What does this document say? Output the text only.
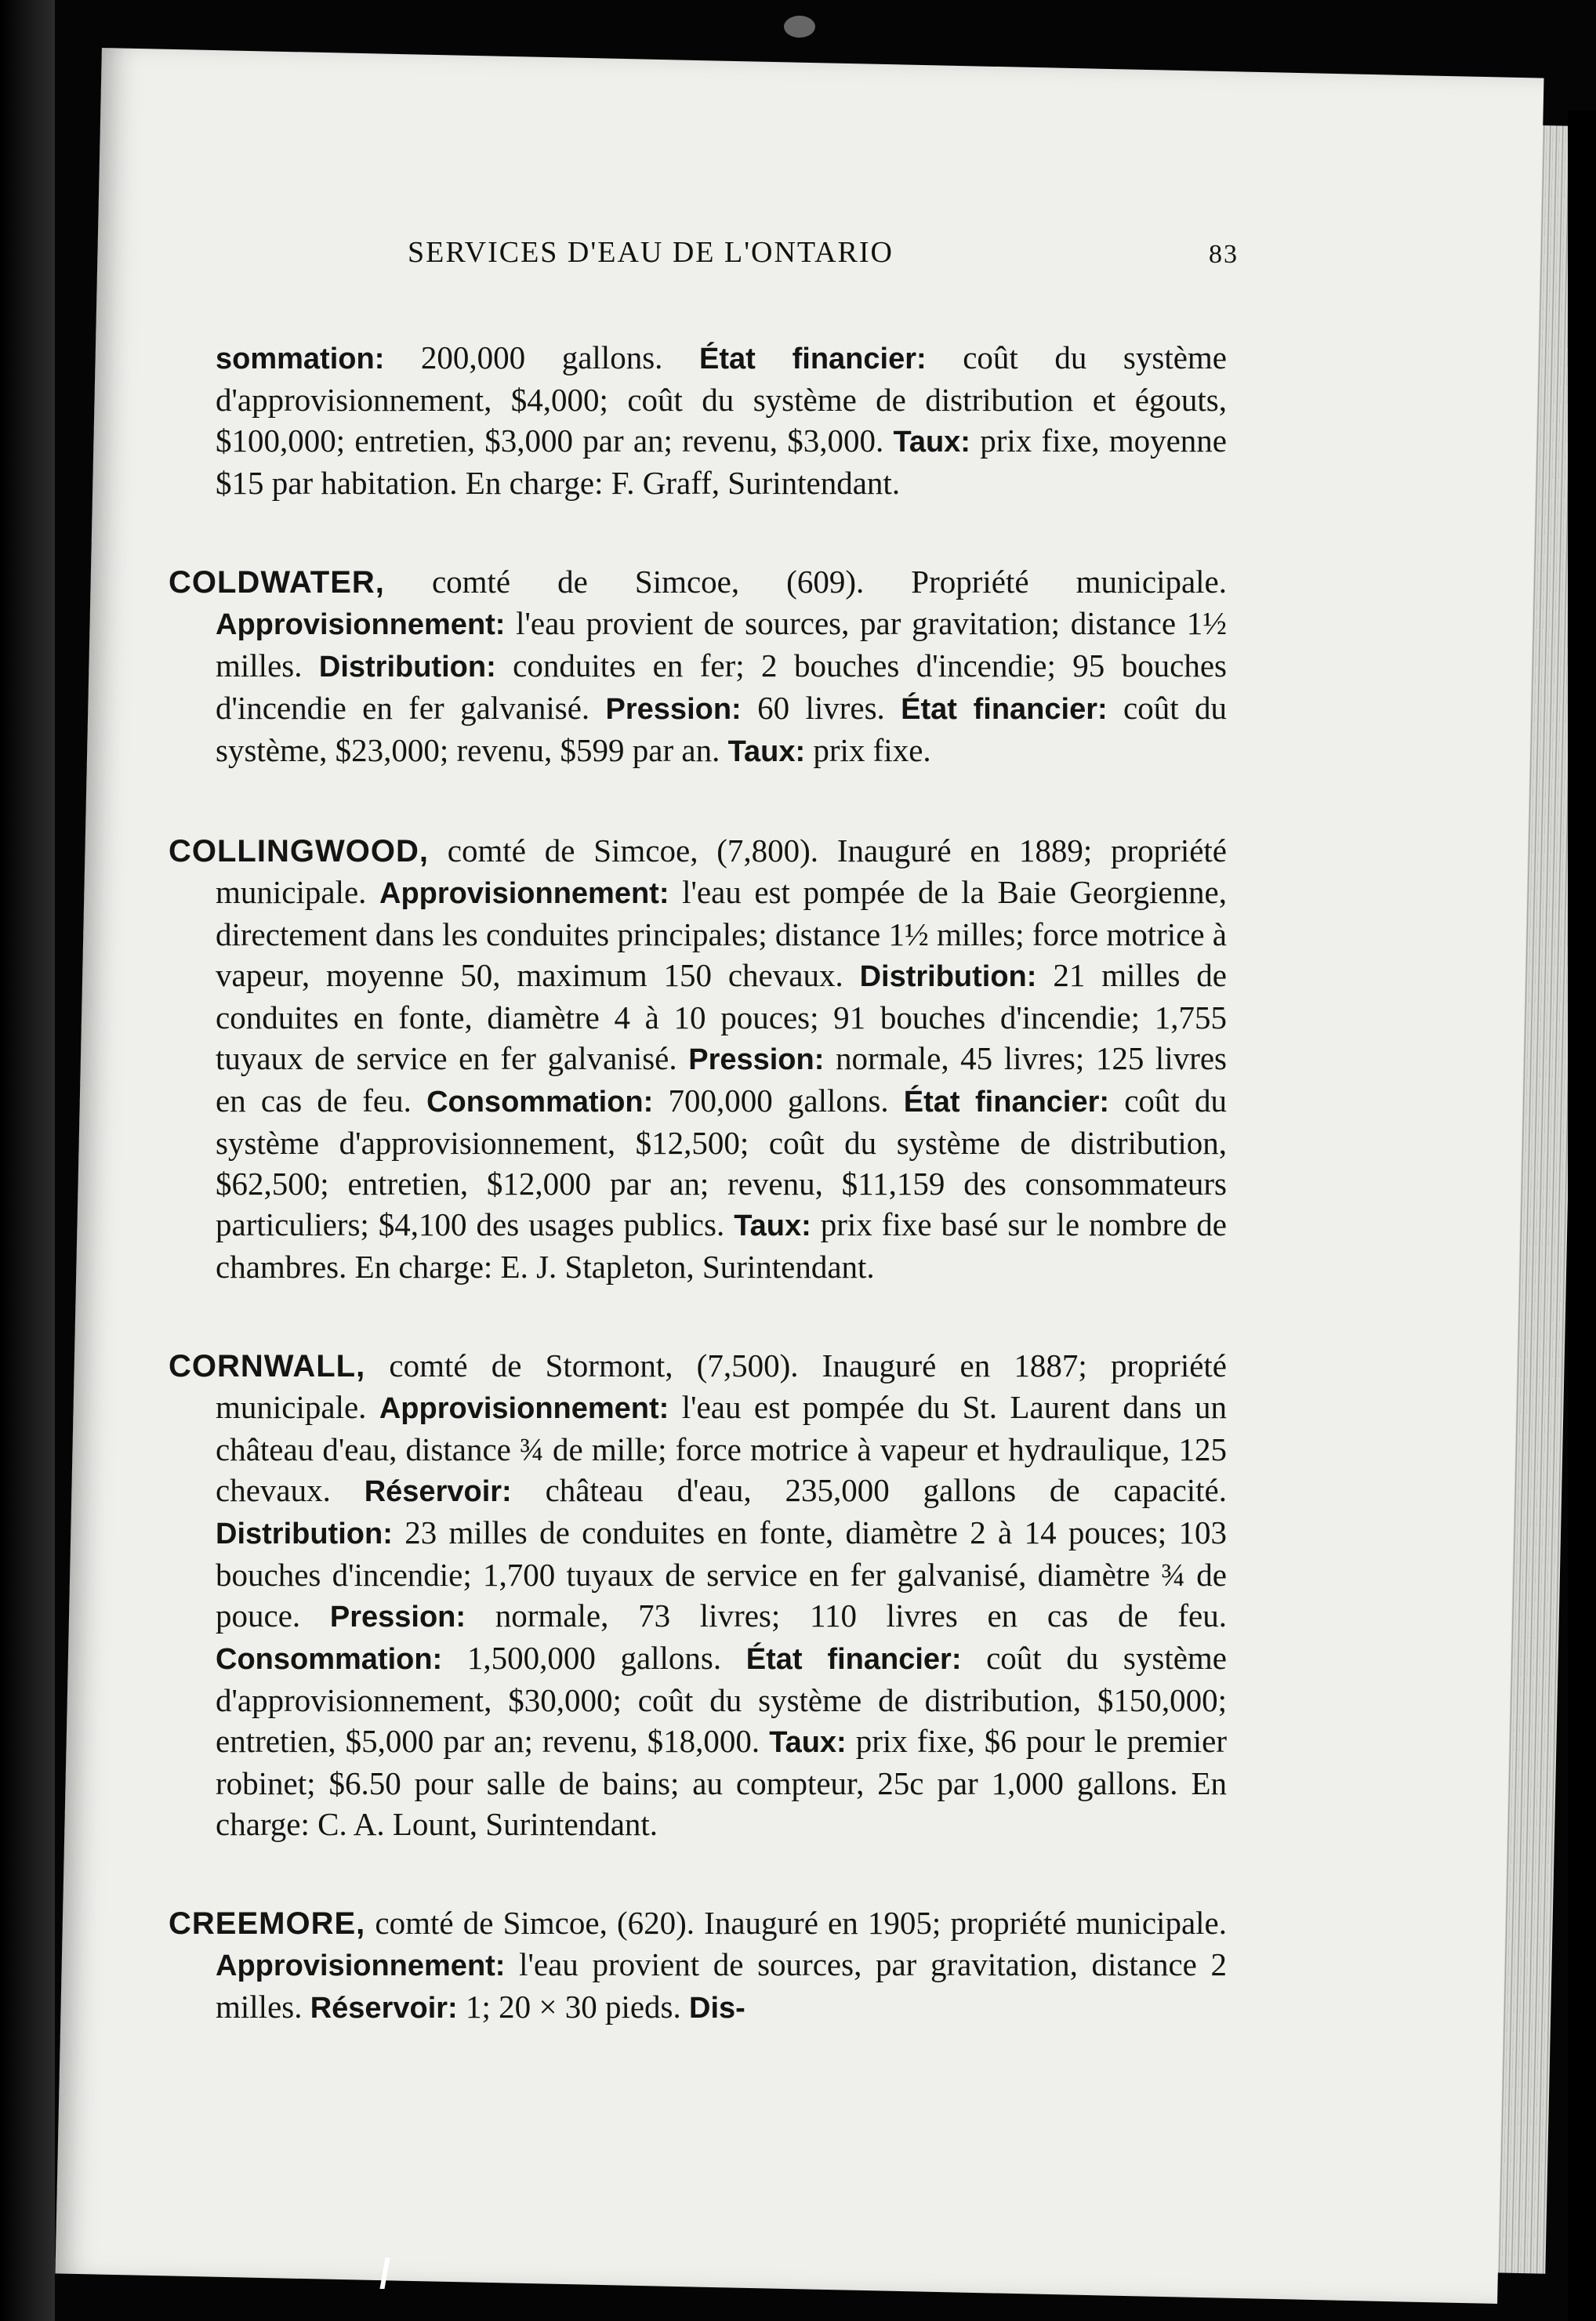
SERVICES D'EAU DE L'ONTARIO	83

sommation: 200,000 gallons. État financier: coût du système d'approvisionnement, $4,000; coût du système de distribution et égouts, $100,000; entretien, $3,000 par an; revenu, $3,000. Taux: prix fixe, moyenne $15 par habitation. En charge: F. Graff, Surintendant.

COLDWATER, comté de Simcoe, (609). Propriété municipale. Approvisionnement: l'eau provient de sources, par gravitation; distance 1½ milles. Distribution: conduites en fer; 2 bouches d'incendie; 95 bouches d'incendie en fer galvanisé. Pression: 60 livres. État financier: coût du système, $23,000; revenu, $599 par an. Taux: prix fixe.

COLLINGWOOD, comté de Simcoe, (7,800). Inauguré en 1889; propriété municipale. Approvisionnement: l'eau est pompée de la Baie Georgienne, directement dans les conduites principales; distance 1½ milles; force motrice à vapeur, moyenne 50, maximum 150 chevaux. Distribution: 21 milles de conduites en fonte, diamètre 4 à 10 pouces; 91 bouches d'incendie; 1,755 tuyaux de service en fer galvanisé. Pression: normale, 45 livres; 125 livres en cas de feu. Consommation: 700,000 gallons. État financier: coût du système d'approvisionnement, $12,500; coût du système de distribution, $62,500; entretien, $12,000 par an; revenu, $11,159 des consommateurs particuliers; $4,100 des usages publics. Taux: prix fixe basé sur le nombre de chambres. En charge: E. J. Stapleton, Surintendant.

CORNWALL, comté de Stormont, (7,500). Inauguré en 1887; propriété municipale. Approvisionnement: l'eau est pompée du St. Laurent dans un château d'eau, distance ¾ de mille; force motrice à vapeur et hydraulique, 125 chevaux. Réservoir: château d'eau, 235,000 gallons de capacité. Distribution: 23 milles de conduites en fonte, diamètre 2 à 14 pouces; 103 bouches d'incendie; 1,700 tuyaux de service en fer galvanisé, diamètre ¾ de pouce. Pression: normale, 73 livres; 110 livres en cas de feu. Consommation: 1,500,000 gallons. État financier: coût du système d'approvisionnement, $30,000; coût du système de distribution, $150,000; entretien, $5,000 par an; revenu, $18,000. Taux: prix fixe, $6 pour le premier robinet; $6.50 pour salle de bains; au compteur, 25c par 1,000 gallons. En charge: C. A. Lount, Surintendant.

CREEMORE, comté de Simcoe, (620). Inauguré en 1905; propriété municipale. Approvisionnement: l'eau provient de sources, par gravitation, distance 2 milles. Réservoir: 1; 20 × 30 pieds. Dis-
